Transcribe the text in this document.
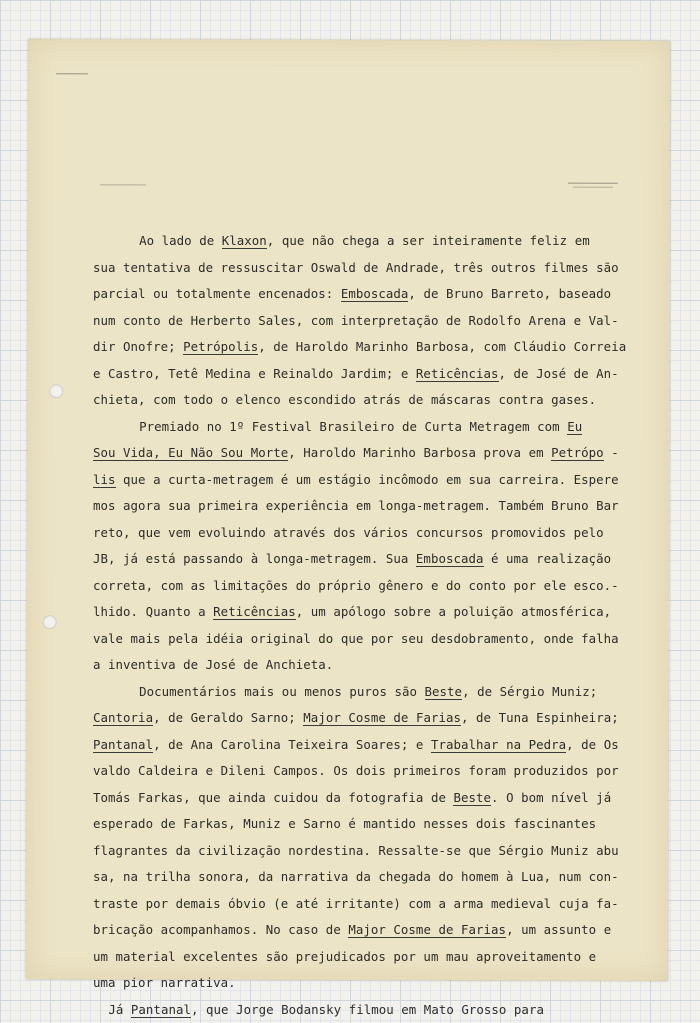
Ao lado de Klaxon, que não chega a ser inteiramente feliz em
sua tentativa de ressuscitar Oswald de Andrade, três outros filmes são
parcial ou totalmente encenados: Emboscada, de Bruno Barreto, baseado
num conto de Herberto Sales, com interpretação de Rodolfo Arena e Val-
dir Onofre; Petrópolis, de Haroldo Marinho Barbosa, com Cláudio Correia
e Castro, Tetê Medina e Reinaldo Jardim; e Reticências, de José de An-
chieta, com todo o elenco escondido atrás de máscaras contra gases.
Premiado no 1º Festival Brasileiro de Curta Metragem com Eu
Sou Vida, Eu Não Sou Morte, Haroldo Marinho Barbosa prova em Petrópo -
lis que a curta-metragem é um estágio incômodo em sua carreira. Espere
mos agora sua primeira experiência em longa-metragem. Também Bruno Bar
reto, que vem evoluindo através dos vários concursos promovidos pelo
JB, já está passando à longa-metragem. Sua Emboscada é uma realização
correta, com as limitações do próprio gênero e do conto por ele esco.-
lhido. Quanto a Reticências, um apólogo sobre a poluição atmosférica,
vale mais pela idéia original do que por seu desdobramento, onde falha
a inventiva de José de Anchieta.
Documentários mais ou menos puros são Beste, de Sérgio Muniz;
Cantoria, de Geraldo Sarno; Major Cosme de Farias, de Tuna Espinheira;
Pantanal, de Ana Carolina Teixeira Soares; e Trabalhar na Pedra, de Os
valdo Caldeira e Dileni Campos. Os dois primeiros foram produzidos por
Tomás Farkas, que ainda cuidou da fotografia de Beste. O bom nível já
esperado de Farkas, Muniz e Sarno é mantido nesses dois fascinantes
flagrantes da civilização nordestina. Ressalte-se que Sérgio Muniz abu
sa, na trilha sonora, da narrativa da chegada do homem à Lua, num con-
traste por demais óbvio (e até irritante) com a arma medieval cuja fa-
bricação acompanhamos. No caso de Major Cosme de Farias, um assunto e
um material excelentes são prejudicados por um mau aproveitamento e
uma pior narrativa.
Já Pantanal, que Jorge Bodansky filmou em Mato Grosso para
